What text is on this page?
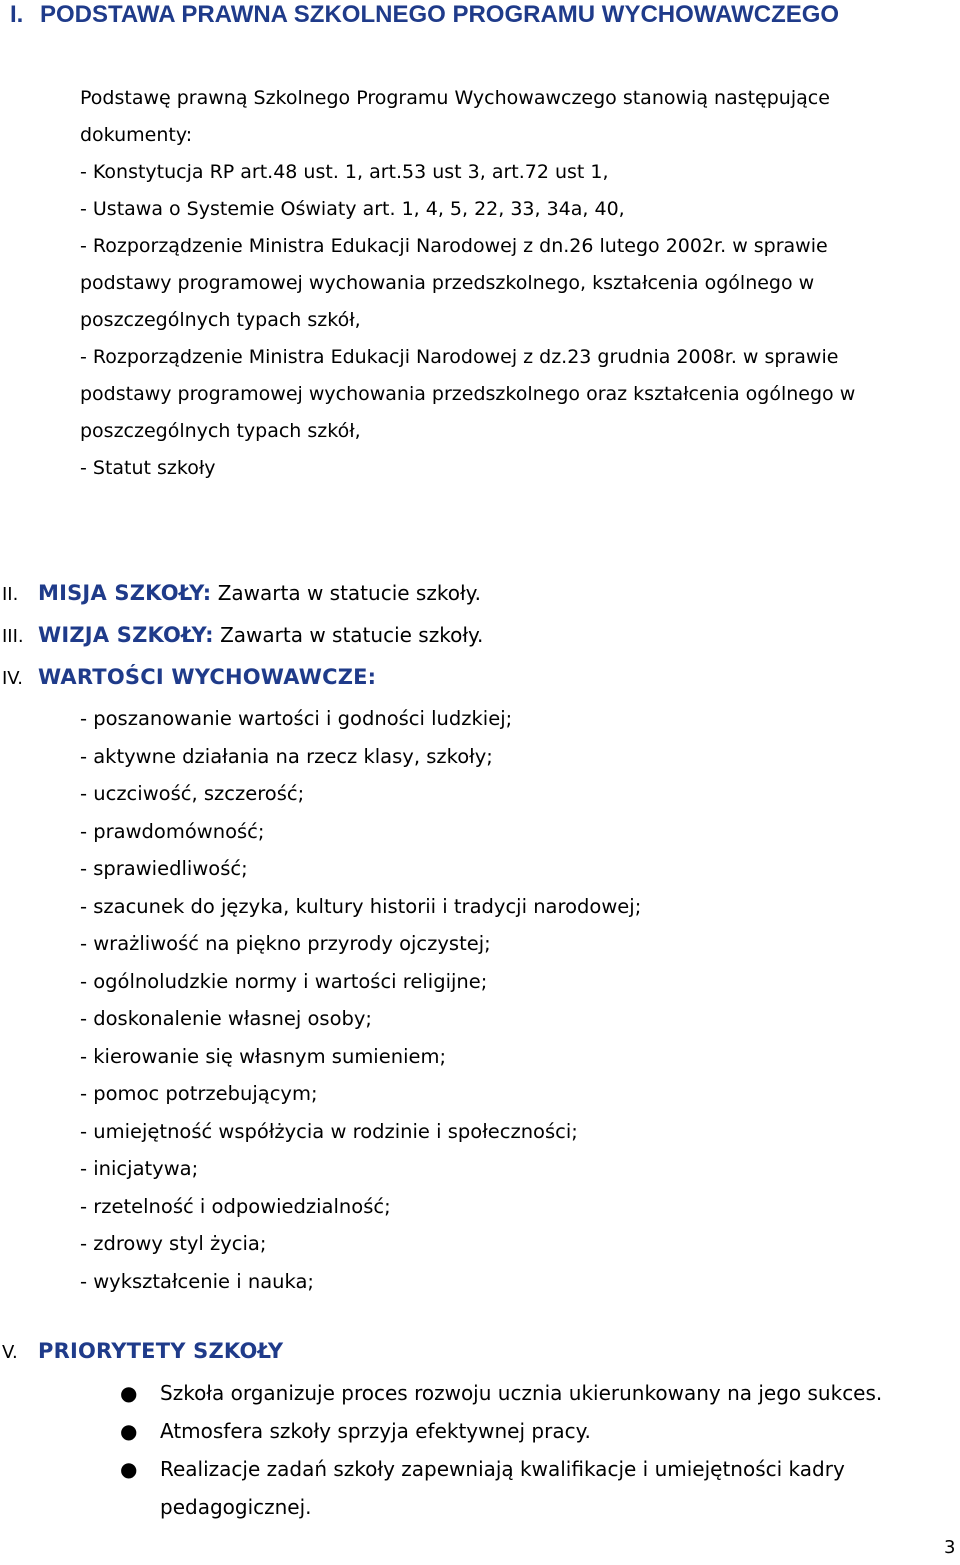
I. PODSTAWA PRAWNA SZKOLNEGO PROGRAMU WYCHOWAWCZEGO
Podstawę prawną Szkolnego Programu Wychowawczego stanowią następujące
dokumenty:
- Konstytucja RP art.48 ust. 1, art.53 ust 3, art.72 ust 1,
- Ustawa o Systemie Oświaty art. 1, 4, 5, 22, 33, 34a, 40,
- Rozporządzenie Ministra Edukacji Narodowej z dn.26 lutego 2002r. w sprawie
podstawy programowej wychowania przedszkolnego, kształcenia ogólnego w
poszczególnych typach szkół,
- Rozporządzenie Ministra Edukacji Narodowej z dz.23 grudnia 2008r. w sprawie
podstawy programowej wychowania przedszkolnego oraz kształcenia ogólnego w
poszczególnych typach szkół,
- Statut szkoły
II. MISJA SZKOŁY: Zawarta w statucie szkoły.
III. WIZJA SZKOŁY: Zawarta w statucie szkoły.
IV. WARTOŚCI WYCHOWAWCZE:
- poszanowanie wartości i godności ludzkiej;
- aktywne działania na rzecz klasy, szkoły;
- uczciwość, szczerość;
- prawdomówność;
- sprawiedliwość;
- szacunek do języka, kultury historii i tradycji narodowej;
- wrażliwość na piękno przyrody ojczystej;
- ogólnoludzkie normy i wartości religijne;
- doskonalenie własnej osoby;
- kierowanie się własnym sumieniem;
- pomoc potrzebującym;
- umiejętność współżycia w rodzinie i społeczności;
- inicjatywa;
- rzetelność i odpowiedzialność;
- zdrowy styl życia;
- wykształcenie i nauka;
V. PRIORYTETY SZKOŁY
● Szkoła organizuje proces rozwoju ucznia ukierunkowany na jego sukces.
● Atmosfera szkoły sprzyja efektywnej pracy.
● Realizacje zadań szkoły zapewniają kwalifikacje i umiejętności kadry
pedagogicznej.
3
